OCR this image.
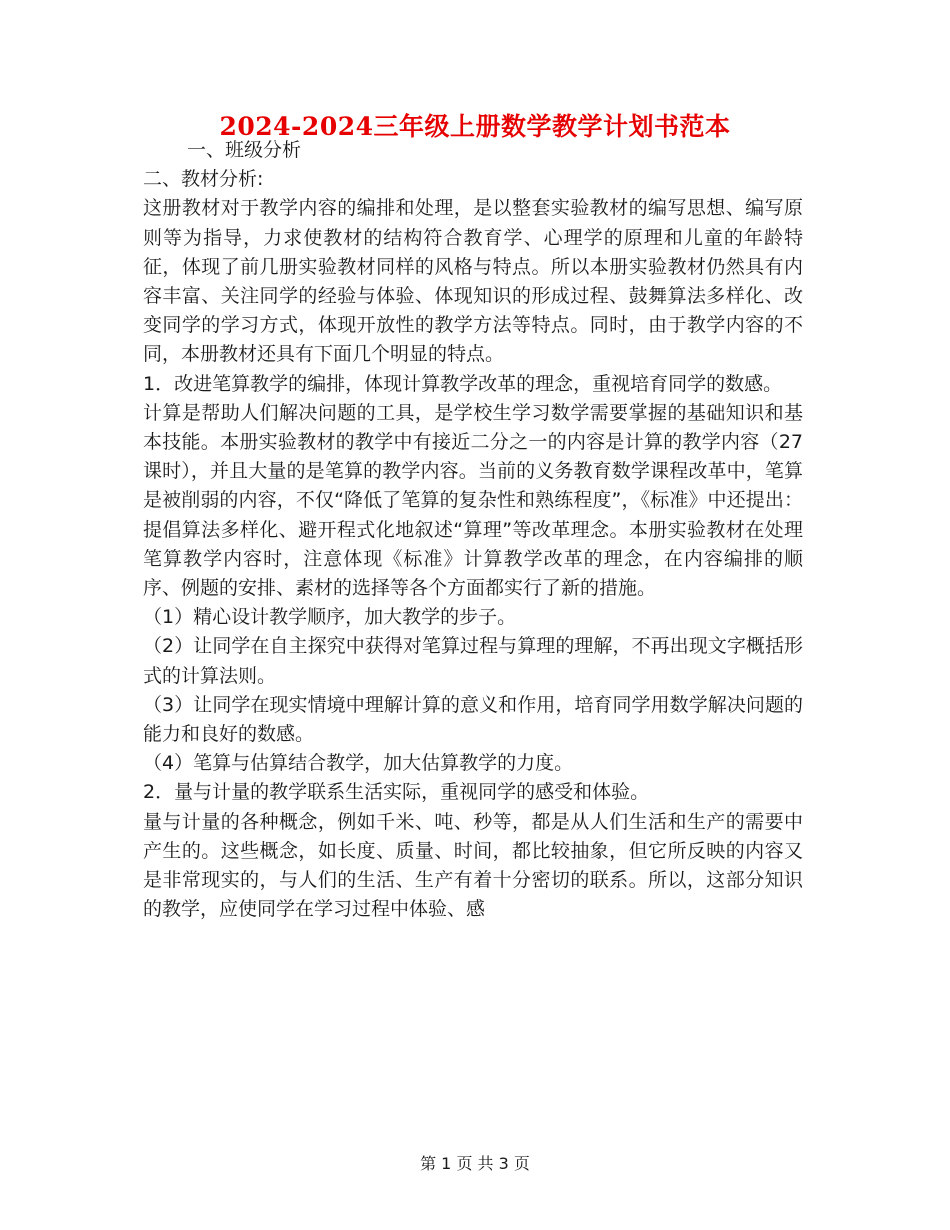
2024-2024三年级上册数学教学计划书范本

一、班级分析

二、教材分析:

这册教材对于教学内容的编排和处理，是以整套实验教材的编写思想、编写原则等为指导，力求使教材的结构符合教育学、心理学的原理和儿童的年龄特征，体现了前几册实验教材同样的风格与特点。所以本册实验教材仍然具有内容丰富、关注同学的经验与体验、体现知识的形成过程、鼓舞算法多样化、改变同学的学习方式，体现开放性的教学方法等特点。同时，由于教学内容的不同，本册教材还具有下面几个明显的特点。

1．改进笔算教学的编排，体现计算教学改革的理念，重视培育同学的数感。

计算是帮助人们解决问题的工具，是学校生学习数学需要掌握的基础知识和基本技能。本册实验教材的教学中有接近二分之一的内容是计算的教学内容（27课时），并且大量的是笔算的教学内容。当前的义务教育数学课程改革中，笔算是被削弱的内容，不仅“降低了笔算的复杂性和熟练程度”，《标准》中还提出：提倡算法多样化、避开程式化地叙述“算理”等改革理念。本册实验教材在处理笔算教学内容时，注意体现《标准》计算教学改革的理念，在内容编排的顺序、例题的安排、素材的选择等各个方面都实行了新的措施。

（1）精心设计教学顺序，加大教学的步子。

（2）让同学在自主探究中获得对笔算过程与算理的理解，不再出现文字概括形式的计算法则。

（3）让同学在现实情境中理解计算的意义和作用，培育同学用数学解决问题的能力和良好的数感。

（4）笔算与估算结合教学，加大估算教学的力度。

2．量与计量的教学联系生活实际，重视同学的感受和体验。

量与计量的各种概念，例如千米、吨、秒等，都是从人们生活和生产的需要中产生的。这些概念，如长度、质量、时间，都比较抽象，但它所反映的内容又是非常现实的，与人们的生活、生产有着十分密切的联系。所以，这部分知识的教学，应使同学在学习过程中体验、感

第 1 页 共 3 页
